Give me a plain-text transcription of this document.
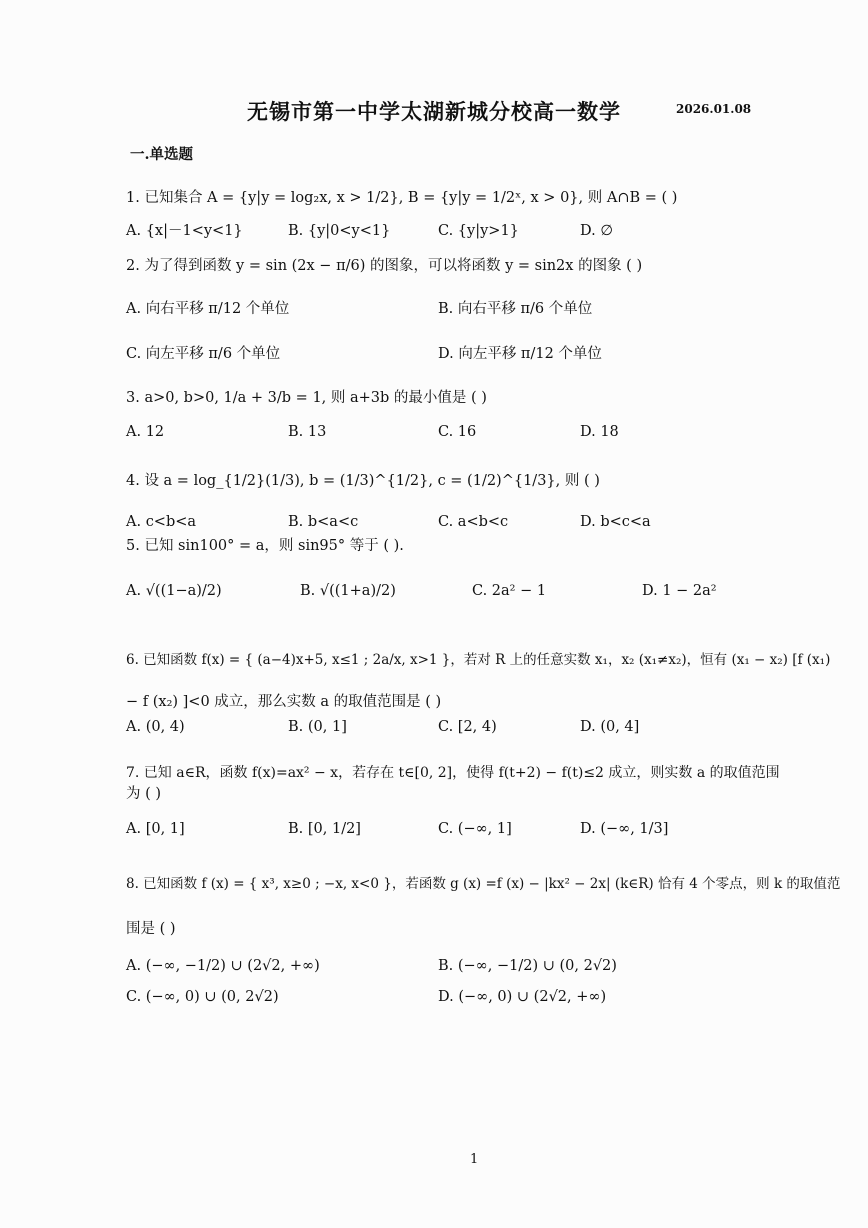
无锡市第一中学太湖新城分校高一数学	2026.01.08
一.单选题
1. 已知集合 A = {y|y = log₂x, x > 1/2}, B = {y|y = 1/2ˣ, x > 0}, 则 A∩B = ( )
A. {x|－1<y<1}	B. {y|0<y<1}	C. {y|y>1}	D. ∅
2. 为了得到函数 y = sin (2x − π/6) 的图象，可以将函数 y = sin2x 的图象 ( )
A. 向右平移 π/12 个单位	B. 向右平移 π/6 个单位
C. 向左平移 π/6 个单位	D. 向左平移 π/12 个单位
3. a>0, b>0, 1/a + 3/b = 1, 则 a+3b 的最小值是 ( )
A. 12	B. 13	C. 16	D. 18
4. 设 a = log_{1/2}(1/3), b = (1/3)^{1/2}, c = (1/2)^{1/3}, 则 ( )
A. c<b<a	B. b<a<c	C. a<b<c	D. b<c<a
5. 已知 sin100° = a，则 sin95° 等于 ( ).
A. √((1−a)/2)	B. √((1+a)/2)	C. 2a² − 1	D. 1 − 2a²
6. 已知函数 f(x) = { (a−4)x+5, x≤1 ; 2a/x, x>1 }，若对 R 上的任意实数 x₁，x₂ (x₁≠x₂)，恒有 (x₁ − x₂) [f (x₁)
− f (x₂) ]<0 成立，那么实数 a 的取值范围是 ( )
A. (0, 4)	B. (0, 1]	C. [2, 4)	D. (0, 4]
7. 已知 a∈R，函数 f(x)=ax² − x，若存在 t∈[0, 2]，使得 f(t+2) − f(t)≤2 成立，则实数 a 的取值范围
为 ( )
A. [0, 1]	B. [0, 1/2]	C. (−∞, 1]	D. (−∞, 1/3]
8. 已知函数 f (x) = { x³, x≥0 ; −x, x<0 }，若函数 g (x) =f (x) − |kx² − 2x| (k∈R) 恰有 4 个零点，则 k 的取值范
围是 ( )
A. (−∞, −1/2) ∪ (2√2, +∞)	B. (−∞, −1/2) ∪ (0, 2√2)
C. (−∞, 0) ∪ (0, 2√2)	D. (−∞, 0) ∪ (2√2, +∞)
1
